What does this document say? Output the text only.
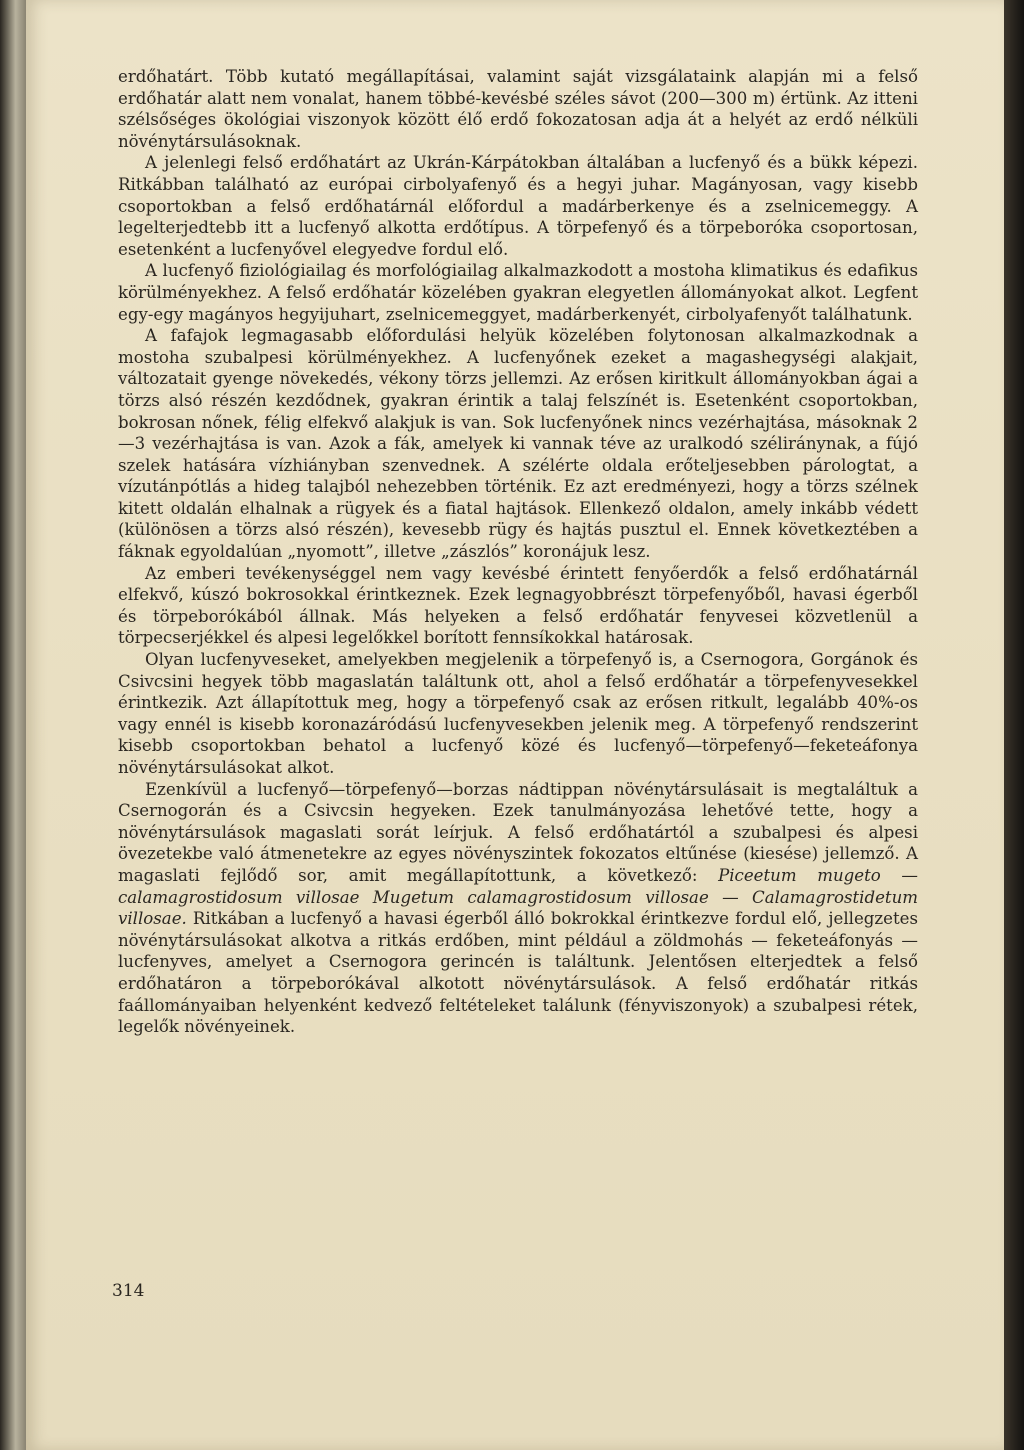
erdőhatárt. Több kutató megállapításai, valamint saját vizsgálataink alapján mi a felső erdőhatár alatt nem vonalat, hanem többé-kevésbé széles sávot (200—300 m) értünk. Az itteni szélsőséges ökológiai viszonyok között élő erdő fokozatosan adja át a helyét az erdő nélküli növénytársulásoknak.

A jelenlegi felső erdőhatárt az Ukrán-Kárpátokban általában a lucfenyő és a bükk képezi. Ritkábban található az európai cirbolyafenyő és a hegyi juhar. Magányosan, vagy kisebb csoportokban a felső erdőhatárnál előfordul a madárberkenye és a zselnicemeggy. A legelterjedtebb itt a lucfenyő alkotta erdőtípus. A törpefenyő és a törpeboróka csoportosan, esetenként a lucfenyővel elegyedve fordul elő.

A lucfenyő fiziológiailag és morfológiailag alkalmazkodott a mostoha klimatikus és edafikus körülményekhez. A felső erdőhatár közelében gyakran elegyetlen állományokat alkot. Legfent egy-egy magányos hegyijuhart, zselnicemeggyet, madárberkenyét, cirbolyafenyőt találhatunk.

A fafajok legmagasabb előfordulási helyük közelében folytonosan alkalmazkodnak a mostoha szubalpesi körülményekhez. A lucfenyőnek ezeket a magashegységi alakjait, változatait gyenge növekedés, vékony törzs jellemzi. Az erősen kiritkult állományokban ágai a törzs alsó részén kezdődnek, gyakran érintik a talaj felszínét is. Esetenként csoportokban, bokrosan nőnek, félig elfekvő alakjuk is van. Sok lucfenyőnek nincs vezérhajtása, másoknak 2—3 vezérhajtása is van. Azok a fák, amelyek ki vannak téve az uralkodó széliránynak, a fújó szelek hatására vízhiányban szenvednek. A szélérte oldala erőteljesebben párologtat, a vízutánpótlás a hideg talajból nehezebben történik. Ez azt eredményezi, hogy a törzs szélnek kitett oldalán elhalnak a rügyek és a fiatal hajtások. Ellenkező oldalon, amely inkább védett (különösen a törzs alsó részén), kevesebb rügy és hajtás pusztul el. Ennek következtében a fáknak egyoldalúan „nyomott”, illetve „zászlós” koronájuk lesz.

Az emberi tevékenységgel nem vagy kevésbé érintett fenyőerdők a felső erdőhatárnál elfekvő, kúszó bokrosokkal érintkeznek. Ezek legnagyobbrészt törpefenyőből, havasi égerből és törpeborókából állnak. Más helyeken a felső erdőhatár fenyvesei közvetlenül a törpecserjékkel és alpesi legelőkkel borított fennsíkokkal határosak.

Olyan lucfenyveseket, amelyekben megjelenik a törpefenyő is, a Csernogora, Gorgánok és Csivcsini hegyek több magaslatán találtunk ott, ahol a felső erdőhatár a törpefenyvesekkel érintkezik. Azt állapítottuk meg, hogy a törpefenyő csak az erősen ritkult, legalább 40%-os vagy ennél is kisebb koronazáródású lucfenyvesekben jelenik meg. A törpefenyő rendszerint kisebb csoportokban behatol a lucfenyő közé és lucfenyő—törpefenyő—feketeáfonya növénytársulásokat alkot.

Ezenkívül a lucfenyő—törpefenyő—borzas nádtippan növénytársulásait is megtaláltuk a Csernogorán és a Csivcsin hegyeken. Ezek tanulmányozása lehetővé tette, hogy a növénytársulások magaslati sorát leírjuk. A felső erdőhatártól a szubalpesi és alpesi övezetekbe való átmenetekre az egyes növényszintek fokozatos eltűnése (kiesése) jellemző. A magaslati fejlődő sor, amit megállapítottunk, a következő: Piceetum mugeto — calamagrostidosum villosae Mugetum calamagrostidosum villosae — Calamagrostidetum villosae. Ritkában a lucfenyő a havasi égerből álló bokrokkal érintkezve fordul elő, jellegzetes növénytársulásokat alkotva a ritkás erdőben, mint például a zöldmohás — feketeáfonyás — lucfenyves, amelyet a Csernogora gerincén is találtunk. Jelentősen elterjedtek a felső erdőhatáron a törpeborókával alkotott növénytársulások. A felső erdőhatár ritkás faállományaiban helyenként kedvező feltételeket találunk (fényviszonyok) a szubalpesi rétek, legelők növényeinek.

314
